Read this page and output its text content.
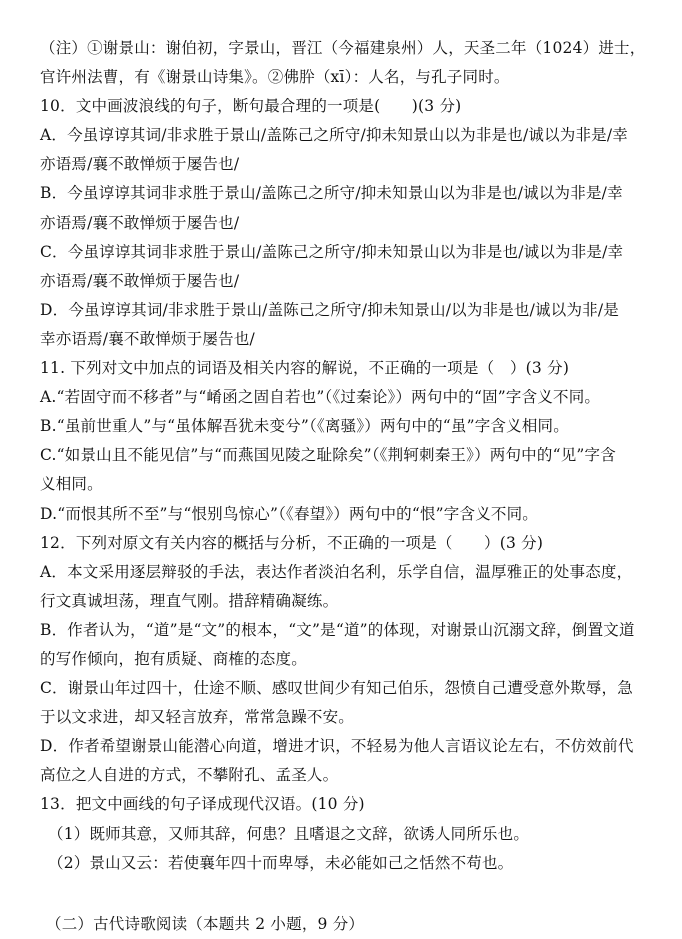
（注）①谢景山：谢伯初，字景山，晋江（今福建泉州）人，天圣二年（1024）进士，
官许州法曹，有《谢景山诗集》。②佛肸（xī）：人名，与孔子同时。
10．文中画波浪线的句子，断句最合理的一项是(　　)(3 分)
A．今虽谆谆其词/非求胜于景山/盖陈己之所守/抑未知景山以为非是也/诚以为非是/幸
亦语焉/襄不敢惮烦于屡告也/
B．今虽谆谆其词非求胜于景山/盖陈己之所守/抑未知景山以为非是也/诚以为非是/幸
亦语焉/襄不敢惮烦于屡告也/
C．今虽谆谆其词非求胜于景山/盖陈己之所守/抑未知景山以为非是也/诚以为非是/幸
亦语焉/襄不敢惮烦于屡告也/
D．今虽谆谆其词/非求胜于景山/盖陈己之所守/抑未知景山/以为非是也/诚以为非/是
幸亦语焉/襄不敢惮烦于屡告也/
11. 下列对文中加点的词语及相关内容的解说，不正确的一项是（　）(3 分)
A.“若固守而不移者”与“崤函之固自若也”（《过秦论》）两句中的“固”字含义不同。
B.“虽前世重人”与“虽体解吾犹未变兮”（《离骚》）两句中的“虽”字含义相同。
C.“如景山且不能见信”与“而燕国见陵之耻除矣”（《荆轲刺秦王》）两句中的“见”字含
义相同。
D.“而恨其所不至”与“恨别鸟惊心”（《春望》）两句中的“恨”字含义不同。
12．下列对原文有关内容的概括与分析，不正确的一项是（　　）(3 分)
A．本文采用逐层辩驳的手法，表达作者淡泊名利，乐学自信，温厚雅正的处事态度，
行文真诚坦荡，理直气刚。措辞精确凝练。
B．作者认为，“道”是“文”的根本，“文”是“道”的体现，对谢景山沉溺文辞，倒置文道
的写作倾向，抱有质疑、商榷的态度。
C．谢景山年过四十，仕途不顺、感叹世间少有知己伯乐，怨愤自己遭受意外欺辱，急
于以文求进，却又轻言放弃，常常急躁不安。
D．作者希望谢景山能潜心向道，增进才识，不轻易为他人言语议论左右，不仿效前代
高位之人自进的方式，不攀附孔、孟圣人。
13．把文中画线的句子译成现代汉语。(10 分)
（1）既师其意，又师其辞，何患？且嗜退之文辞，欲诱人同所乐也。
（2）景山又云：若使襄年四十而卑辱，未必能如己之恬然不苟也。
（二）古代诗歌阅读（本题共 2 小题，9 分）
